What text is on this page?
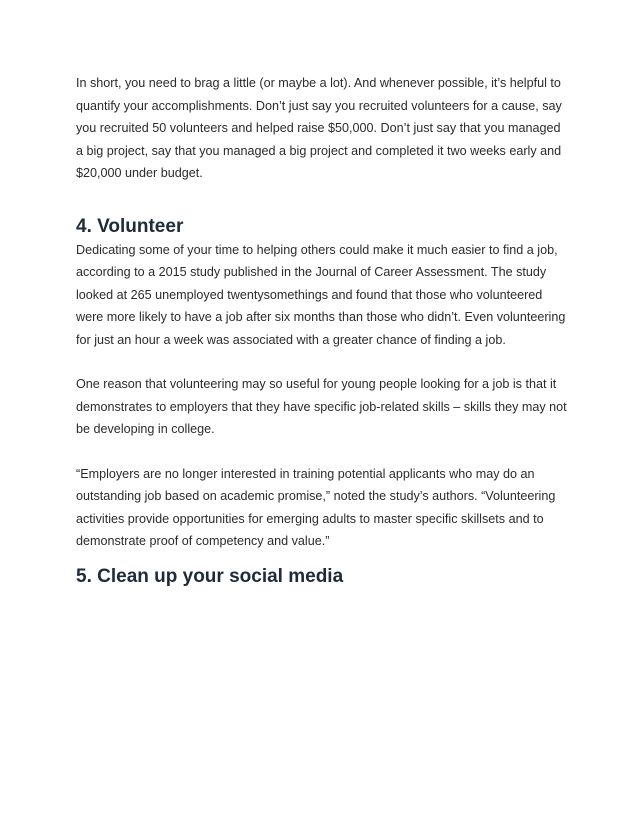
In short, you need to brag a little (or maybe a lot). And whenever possible, it’s helpful to
quantify your accomplishments. Don’t just say you recruited volunteers for a cause, say
you recruited 50 volunteers and helped raise $50,000. Don’t just say that you managed
a big project, say that you managed a big project and completed it two weeks early and
$20,000 under budget.
4. Volunteer
Dedicating some of your time to helping others could make it much easier to find a job,
according to a 2015 study published in the Journal of Career Assessment. The study
looked at 265 unemployed twentysomethings and found that those who volunteered
were more likely to have a job after six months than those who didn’t. Even volunteering
for just an hour a week was associated with a greater chance of finding a job.
One reason that volunteering may so useful for young people looking for a job is that it
demonstrates to employers that they have specific job-related skills – skills they may not
be developing in college.
“Employers are no longer interested in training potential applicants who may do an
outstanding job based on academic promise,” noted the study’s authors. “Volunteering
activities provide opportunities for emerging adults to master specific skillsets and to
demonstrate proof of competency and value.”
5. Clean up your social media
